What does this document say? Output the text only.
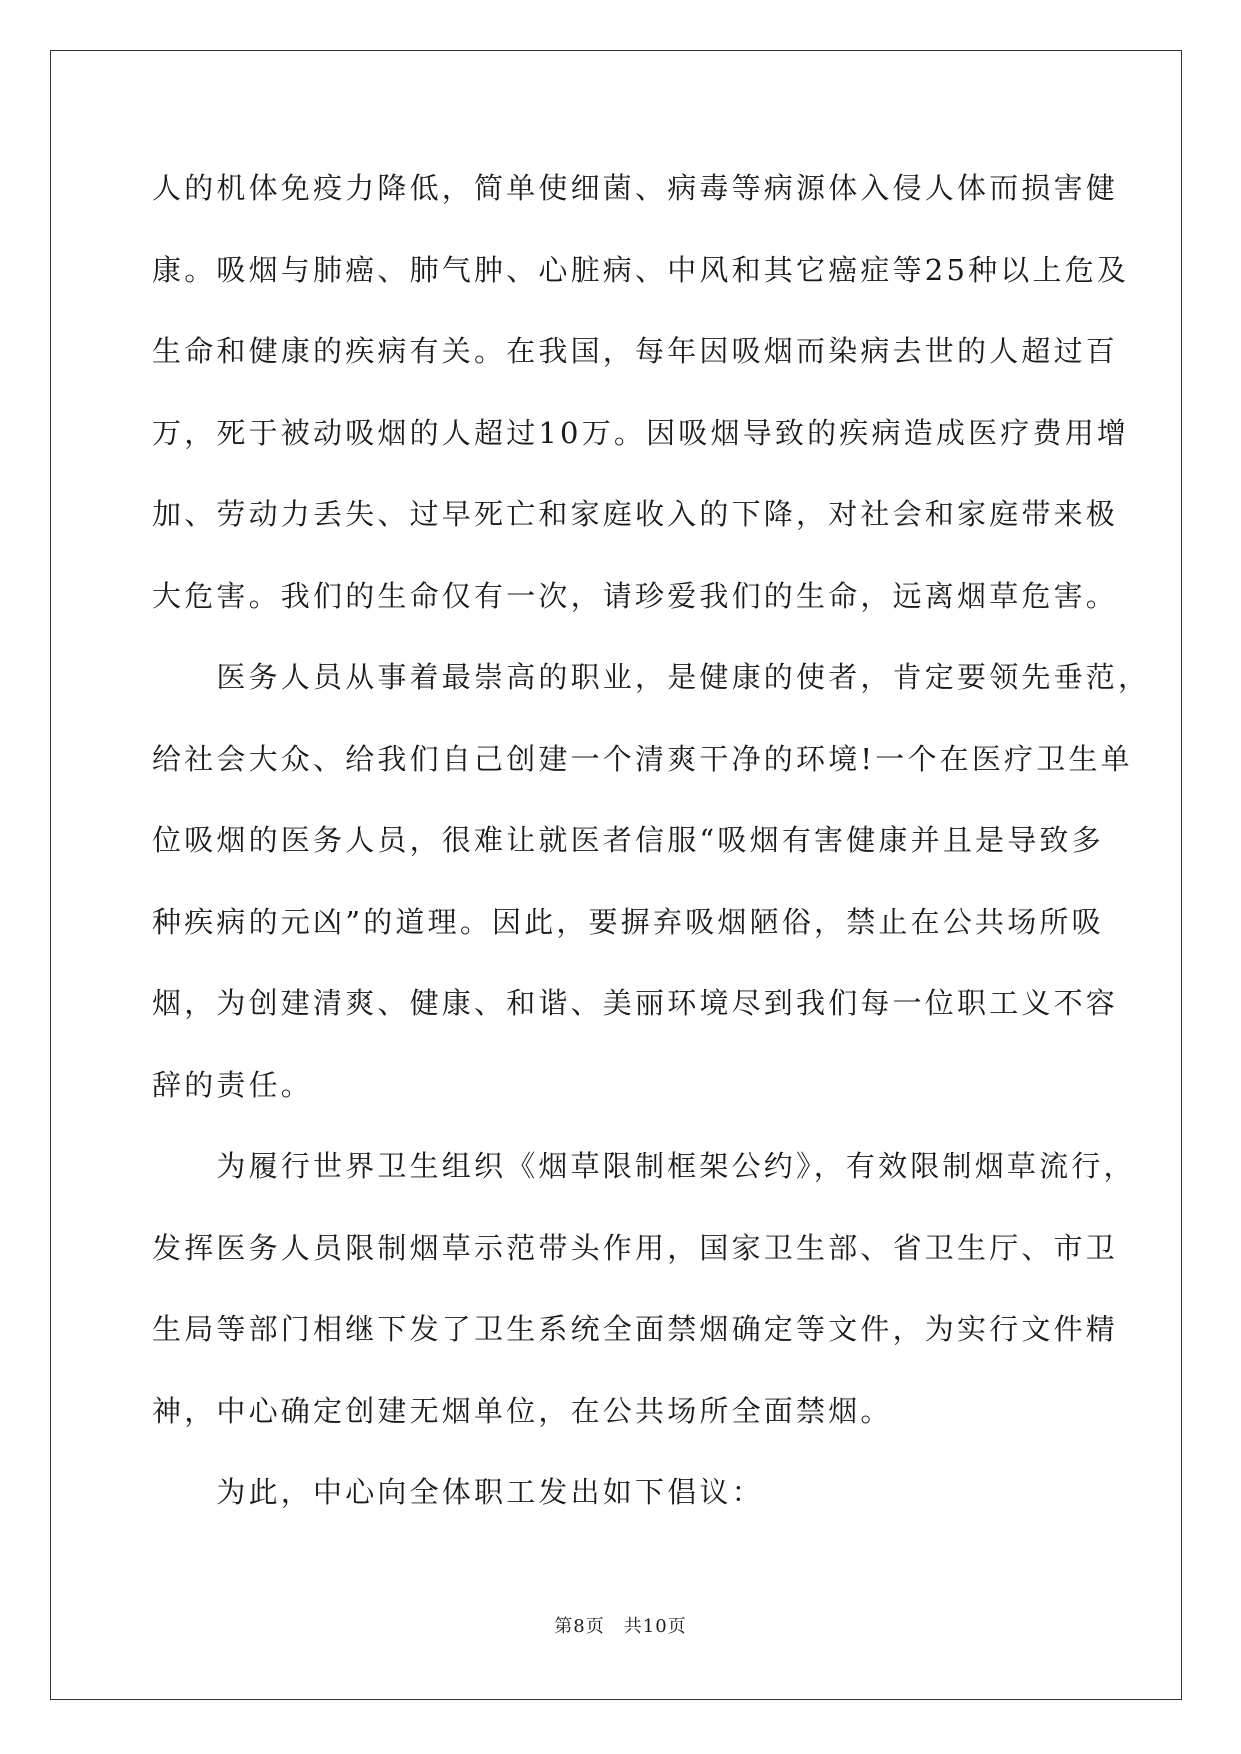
人的机体免疫力降低，简单使细菌、病毒等病源体入侵人体而损害健

康。吸烟与肺癌、肺气肿、心脏病、中风和其它癌症等25种以上危及

生命和健康的疾病有关。在我国，每年因吸烟而染病去世的人超过百

万，死于被动吸烟的人超过10万。因吸烟导致的疾病造成医疗费用增

加、劳动力丢失、过早死亡和家庭收入的下降，对社会和家庭带来极

大危害。我们的生命仅有一次，请珍爱我们的生命，远离烟草危害。

　　医务人员从事着最崇高的职业，是健康的使者，肯定要领先垂范，

给社会大众、给我们自己创建一个清爽干净的环境!一个在医疗卫生单

位吸烟的医务人员，很难让就医者信服“吸烟有害健康并且是导致多

种疾病的元凶”的道理。因此，要摒弃吸烟陋俗，禁止在公共场所吸

烟，为创建清爽、健康、和谐、美丽环境尽到我们每一位职工义不容

辞的责任。

　　为履行世界卫生组织《烟草限制框架公约》，有效限制烟草流行，

发挥医务人员限制烟草示范带头作用，国家卫生部、省卫生厅、市卫

生局等部门相继下发了卫生系统全面禁烟确定等文件，为实行文件精

神，中心确定创建无烟单位，在公共场所全面禁烟。

　　为此，中心向全体职工发出如下倡议：

第8页　共10页
